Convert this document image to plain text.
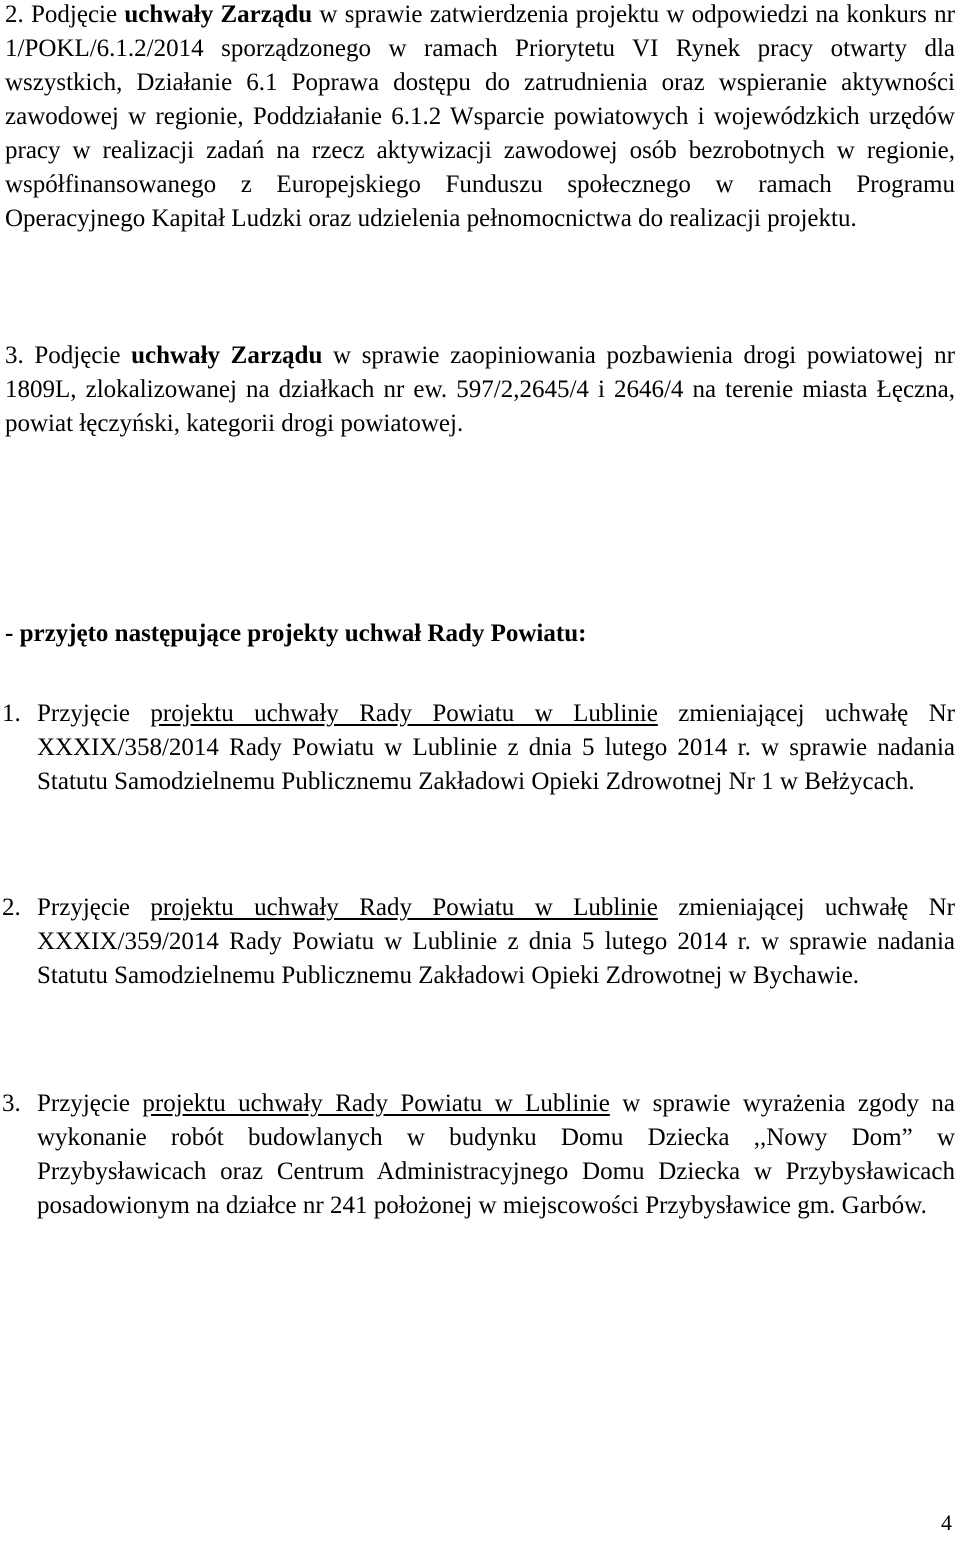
2. Podjęcie uchwały Zarządu w sprawie zatwierdzenia projektu w odpowiedzi na konkurs nr 1/POKL/6.1.2/2014 sporządzonego w ramach Priorytetu VI Rynek pracy otwarty dla wszystkich, Działanie 6.1 Poprawa dostępu do zatrudnienia oraz wspieranie aktywności zawodowej w regionie, Poddziałanie 6.1.2 Wsparcie powiatowych i wojewódzkich urzędów pracy w realizacji zadań na rzecz aktywizacji zawodowej osób bezrobotnych w regionie, współfinansowanego z Europejskiego Funduszu społecznego w ramach Programu Operacyjnego Kapitał Ludzki oraz udzielenia pełnomocnictwa do realizacji projektu.

3. Podjęcie uchwały Zarządu w sprawie zaopiniowania pozbawienia drogi powiatowej nr 1809L, zlokalizowanej na działkach nr ew. 597/2,2645/4 i 2646/4 na terenie miasta Łęczna, powiat łęczyński, kategorii drogi powiatowej.

- przyjęto następujące projekty uchwał Rady Powiatu:

1. Przyjęcie projektu uchwały Rady Powiatu w Lublinie zmieniającej uchwałę Nr XXXIX/358/2014 Rady Powiatu w Lublinie z dnia 5 lutego 2014 r. w sprawie nadania Statutu Samodzielnemu Publicznemu Zakładowi Opieki Zdrowotnej Nr 1 w Bełżycach.

2. Przyjęcie projektu uchwały Rady Powiatu w Lublinie zmieniającej uchwałę Nr XXXIX/359/2014 Rady Powiatu w Lublinie z dnia 5 lutego 2014 r. w sprawie nadania Statutu Samodzielnemu Publicznemu Zakładowi Opieki Zdrowotnej w Bychawie.

3. Przyjęcie projektu uchwały Rady Powiatu w Lublinie w sprawie wyrażenia zgody na wykonanie robót budowlanych w budynku Domu Dziecka ,,Nowy Dom” w Przybysławicach oraz Centrum Administracyjnego Domu Dziecka w Przybysławicach posadowionym na działce nr 241 położonej w miejscowości Przybysławice gm. Garbów.

4
